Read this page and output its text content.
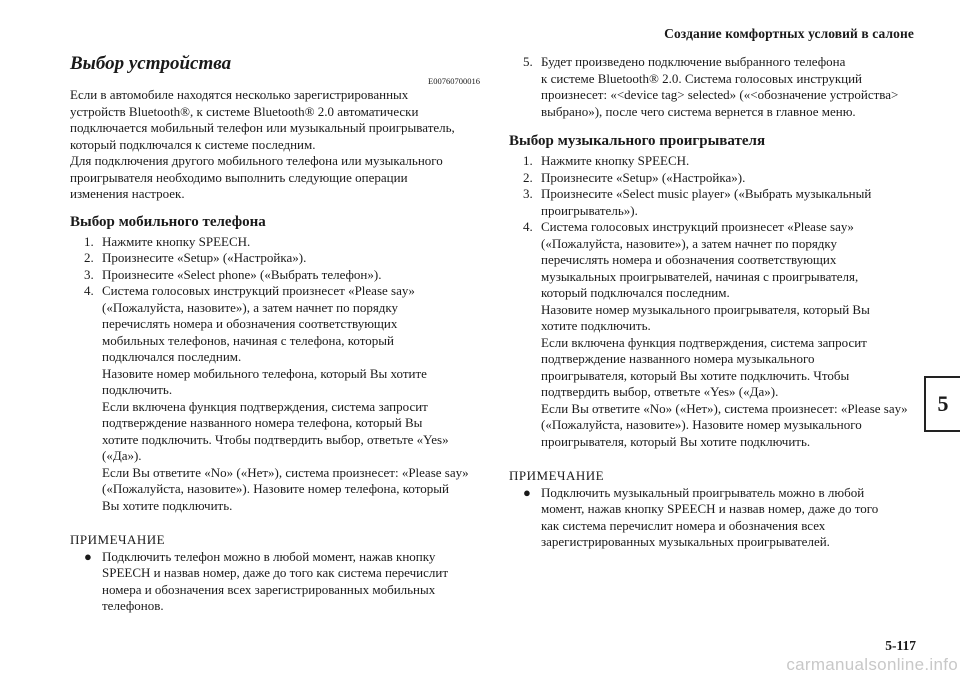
Создание комфортных условий в салоне
Выбор устройства
E00760700016
Если в автомобиле находятся несколько зарегистрированных
устройств Bluetooth®, к системе Bluetooth® 2.0 автоматически
подключается мобильный телефон или музыкальный проигрыватель,
который подключался к системе последним.
Для подключения другого мобильного телефона или музыкального
проигрывателя необходимо выполнить следующие операции
изменения настроек.
Выбор мобильного телефона
1. Нажмите кнопку SPEECH.
2. Произнесите «Setup» («Настройка»).
3. Произнесите «Select phone» («Выбрать телефон»).
4. Система голосовых инструкций произнесет «Please say»
(«Пожалуйста, назовите»), а затем начнет по порядку
перечислять номера и обозначения соответствующих
мобильных телефонов, начиная с телефона, который
подключался последним.
Назовите номер мобильного телефона, который Вы хотите
подключить.
Если включена функция подтверждения, система запросит
подтверждение названного номера телефона, который Вы
хотите подключить. Чтобы подтвердить выбор, ответьте «Yes»
(«Да»).
Если Вы ответите «No» («Нет»), система произнесет: «Please say»
(«Пожалуйста, назовите»). Назовите номер телефона, который
Вы хотите подключить.
ПРИМЕЧАНИЕ
● Подключить телефон можно в любой момент, нажав кнопку
SPEECH и назвав номер, даже до того как система перечислит
номера и обозначения всех зарегистрированных мобильных
телефонов.
5. Будет произведено подключение выбранного телефона
к системе Bluetooth® 2.0. Система голосовых инструкций
произнесет: «<device tag> selected» («<обозначение устройства>
выбрано»), после чего система вернется в главное меню.
Выбор музыкального проигрывателя
1. Нажмите кнопку SPEECH.
2. Произнесите «Setup» («Настройка»).
3. Произнесите «Select music player» («Выбрать музыкальный
проигрыватель»).
4. Система голосовых инструкций произнесет «Please say»
(«Пожалуйста, назовите»), а затем начнет по порядку
перечислять номера и обозначения соответствующих
музыкальных проигрывателей, начиная с проигрывателя,
который подключался последним.
Назовите номер музыкального проигрывателя, который Вы
хотите подключить.
Если включена функция подтверждения, система запросит
подтверждение названного номера музыкального
проигрывателя, который Вы хотите подключить. Чтобы
подтвердить выбор, ответьте «Yes» («Да»).
Если Вы ответите «No» («Нет»), система произнесет: «Please say»
(«Пожалуйста, назовите»). Назовите номер музыкального
проигрывателя, который Вы хотите подключить.
ПРИМЕЧАНИЕ
● Подключить музыкальный проигрыватель можно в любой
момент, нажав кнопку SPEECH и назвав номер, даже до того
как система перечислит номера и обозначения всех
зарегистрированных музыкальных проигрывателей.
5
5-117
carmanualsonline.info
